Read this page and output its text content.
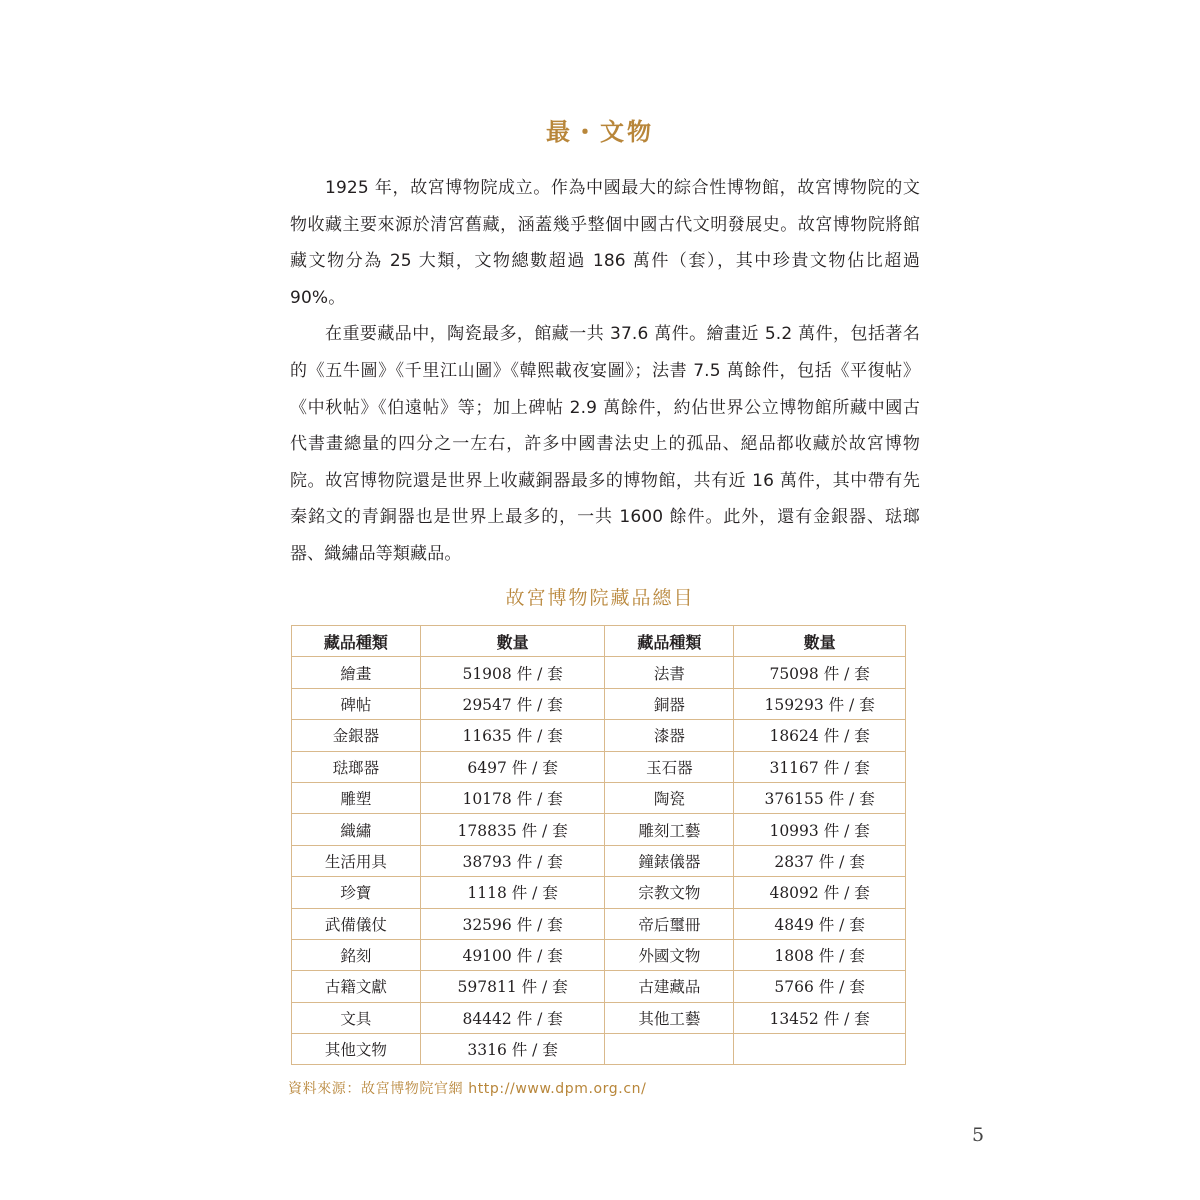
最・文物

1925 年，故宮博物院成立。作為中國最大的綜合性博物館，故宮博物院的文物收藏主要來源於清宮舊藏，涵蓋幾乎整個中國古代文明發展史。故宮博物院將館藏文物分為 25 大類，文物總數超過 186 萬件（套），其中珍貴文物佔比超過 90%。

在重要藏品中，陶瓷最多，館藏一共 37.6 萬件。繪畫近 5.2 萬件，包括著名的《五牛圖》《千里江山圖》《韓熙載夜宴圖》；法書 7.5 萬餘件，包括《平復帖》《中秋帖》《伯遠帖》等；加上碑帖 2.9 萬餘件，約佔世界公立博物館所藏中國古代書畫總量的四分之一左右，許多中國書法史上的孤品、絕品都收藏於故宮博物院。故宮博物院還是世界上收藏銅器最多的博物館，共有近 16 萬件，其中帶有先秦銘文的青銅器也是世界上最多的，一共 1600 餘件。此外，還有金銀器、琺瑯器、織繡品等類藏品。

故宮博物院藏品總目
藏品種類	數量	藏品種類	數量
繪畫	51908 件 / 套	法書	75098 件 / 套
碑帖	29547 件 / 套	銅器	159293 件 / 套
金銀器	11635 件 / 套	漆器	18624 件 / 套
琺瑯器	6497 件 / 套	玉石器	31167 件 / 套
雕塑	10178 件 / 套	陶瓷	376155 件 / 套
織繡	178835 件 / 套	雕刻工藝	10993 件 / 套
生活用具	38793 件 / 套	鐘錶儀器	2837 件 / 套
珍寶	1118 件 / 套	宗教文物	48092 件 / 套
武備儀仗	32596 件 / 套	帝后璽冊	4849 件 / 套
銘刻	49100 件 / 套	外國文物	1808 件 / 套
古籍文獻	597811 件 / 套	古建藏品	5766 件 / 套
文具	84442 件 / 套	其他工藝	13452 件 / 套
其他文物	3316 件 / 套		
資料來源：故宮博物院官網 http://www.dpm.org.cn/
5
